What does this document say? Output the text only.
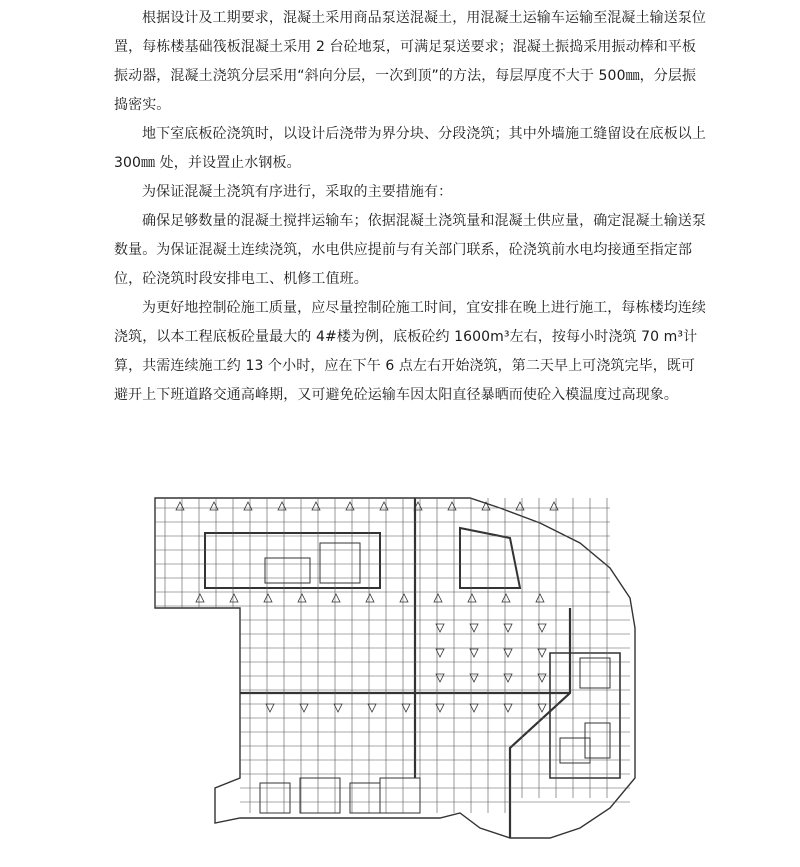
根据设计及工期要求，混凝土采用商品泵送混凝土，用混凝土运输车运输至混凝土输送泵位置，每栋楼基础筏板混凝土采用 2 台砼地泵，可满足泵送要求；混凝土振捣采用振动棒和平板振动器，混凝土浇筑分层采用“斜向分层，一次到顶”的方法，每层厚度不大于 500㎜，分层振捣密实。

地下室底板砼浇筑时，以设计后浇带为界分块、分段浇筑；其中外墙施工缝留设在底板以上 300㎜ 处，并设置止水钢板。

为保证混凝土浇筑有序进行，采取的主要措施有：

确保足够数量的混凝土搅拌运输车；依据混凝土浇筑量和混凝土供应量，确定混凝土输送泵数量。为保证混凝土连续浇筑，水电供应提前与有关部门联系，砼浇筑前水电均接通至指定部位，砼浇筑时段安排电工、机修工值班。

为更好地控制砼施工质量，应尽量控制砼施工时间，宜安排在晚上进行施工，每栋楼均连续浇筑，以本工程底板砼量最大的 4#楼为例，底板砼约 1600m³左右，按每小时浇筑 70 m³计算，共需连续施工约 13 个小时，应在下午 6 点左右开始浇筑，第二天早上可浇筑完毕，既可避开上下班道路交通高峰期，又可避免砼运输车因太阳直径暴晒而使砼入模温度过高现象。
